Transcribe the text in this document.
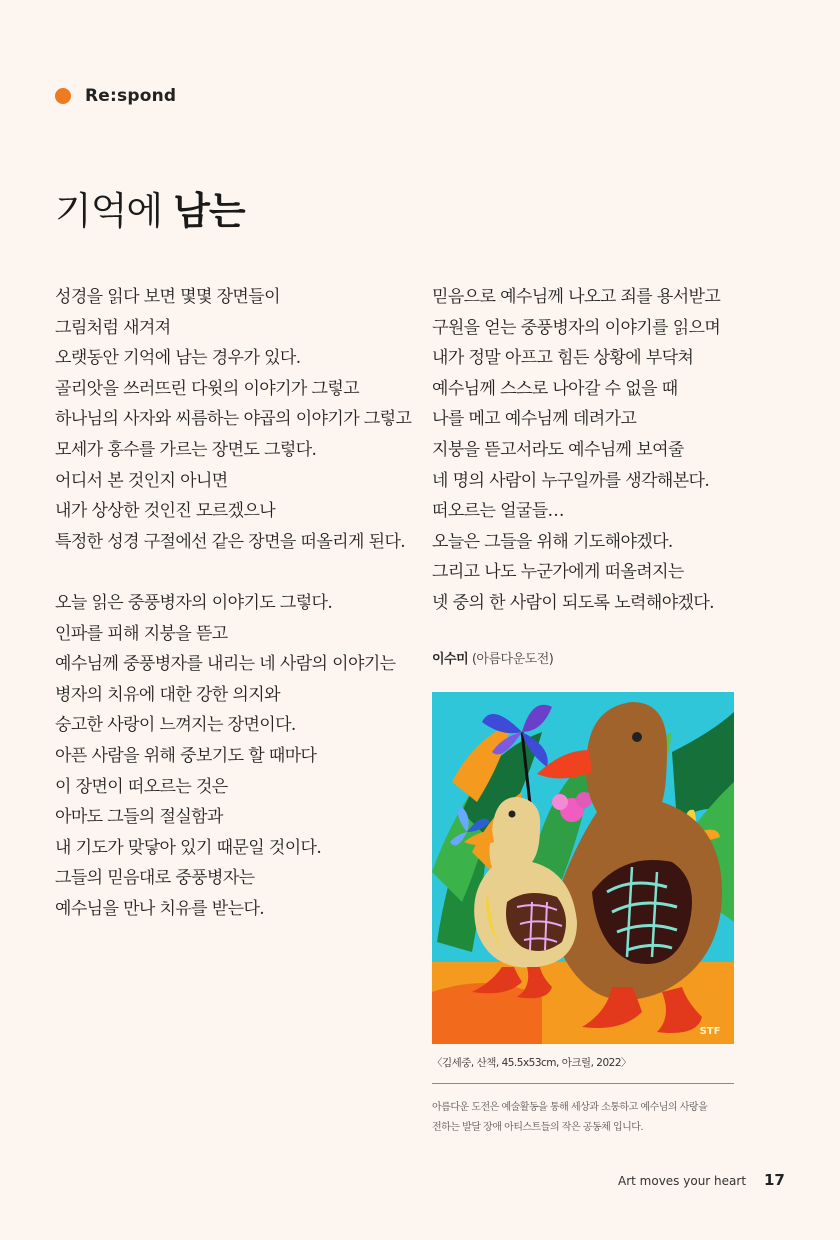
Re:spond
기억에 남는

성경을 읽다 보면 몇몇 장면들이

그림처럼 새겨져

오랫동안 기억에 남는 경우가 있다.

골리앗을 쓰러뜨린 다윗의 이야기가 그렇고

하나님의 사자와 씨름하는 야곱의 이야기가 그렇고

모세가 홍수를 가르는 장면도 그렇다.

어디서 본 것인지 아니면

내가 상상한 것인진 모르겠으나

특정한 성경 구절에선 같은 장면을 떠올리게 된다.

오늘 읽은 중풍병자의 이야기도 그렇다.

인파를 피해 지붕을 뜯고

예수님께 중풍병자를 내리는 네 사람의 이야기는

병자의 치유에 대한 강한 의지와

숭고한 사랑이 느껴지는 장면이다.

아픈 사람을 위해 중보기도 할 때마다

이 장면이 떠오르는 것은

아마도 그들의 절실함과

내 기도가 맞닿아 있기 때문일 것이다.

그들의 믿음대로 중풍병자는

예수님을 만나 치유를 받는다.

믿음으로 예수님께 나오고 죄를 용서받고

구원을 얻는 중풍병자의 이야기를 읽으며

내가 정말 아프고 힘든 상황에 부닥쳐

예수님께 스스로 나아갈 수 없을 때

나를 메고 예수님께 데려가고

지붕을 뜯고서라도 예수님께 보여줄

네 명의 사람이 누구일까를 생각해본다.

떠오르는 얼굴들…

오늘은 그들을 위해 기도해야겠다.

그리고 나도 누군가에게 떠올려지는

넷 중의 한 사람이 되도록 노력해야겠다.

이수미 (아름다운도전)
STF
〈김세중, 산책, 45.5x53cm, 아크릴, 2022〉

아름다운 도전은 예술활동을 통해 세상과 소통하고 예수님의 사랑을

전하는 발달 장애 아티스트들의 작은 공동체 입니다.

Art moves your heart 17
